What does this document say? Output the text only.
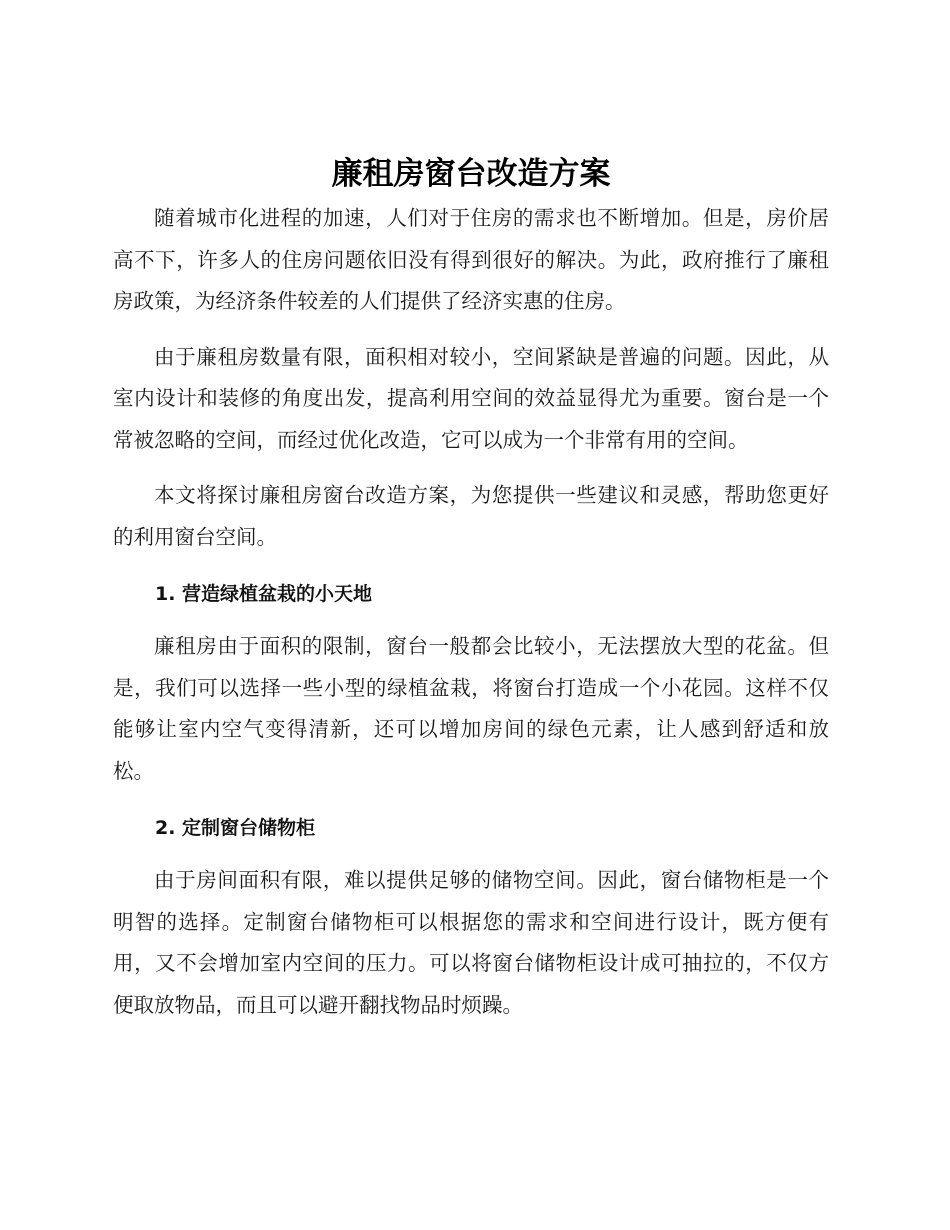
廉租房窗台改造方案

随着城市化进程的加速，人们对于住房的需求也不断增加。但是，房价居高不下，许多人的住房问题依旧没有得到很好的解决。为此，政府推行了廉租房政策，为经济条件较差的人们提供了经济实惠的住房。

由于廉租房数量有限，面积相对较小，空间紧缺是普遍的问题。因此，从室内设计和装修的角度出发，提高利用空间的效益显得尤为重要。窗台是一个常被忽略的空间，而经过优化改造，它可以成为一个非常有用的空间。

本文将探讨廉租房窗台改造方案，为您提供一些建议和灵感，帮助您更好的利用窗台空间。

1. 营造绿植盆栽的小天地

廉租房由于面积的限制，窗台一般都会比较小，无法摆放大型的花盆。但是，我们可以选择一些小型的绿植盆栽，将窗台打造成一个小花园。这样不仅能够让室内空气变得清新，还可以增加房间的绿色元素，让人感到舒适和放松。

2. 定制窗台储物柜

由于房间面积有限，难以提供足够的储物空间。因此，窗台储物柜是一个明智的选择。定制窗台储物柜可以根据您的需求和空间进行设计，既方便有用，又不会增加室内空间的压力。可以将窗台储物柜设计成可抽拉的，不仅方便取放物品，而且可以避开翻找物品时烦躁。
